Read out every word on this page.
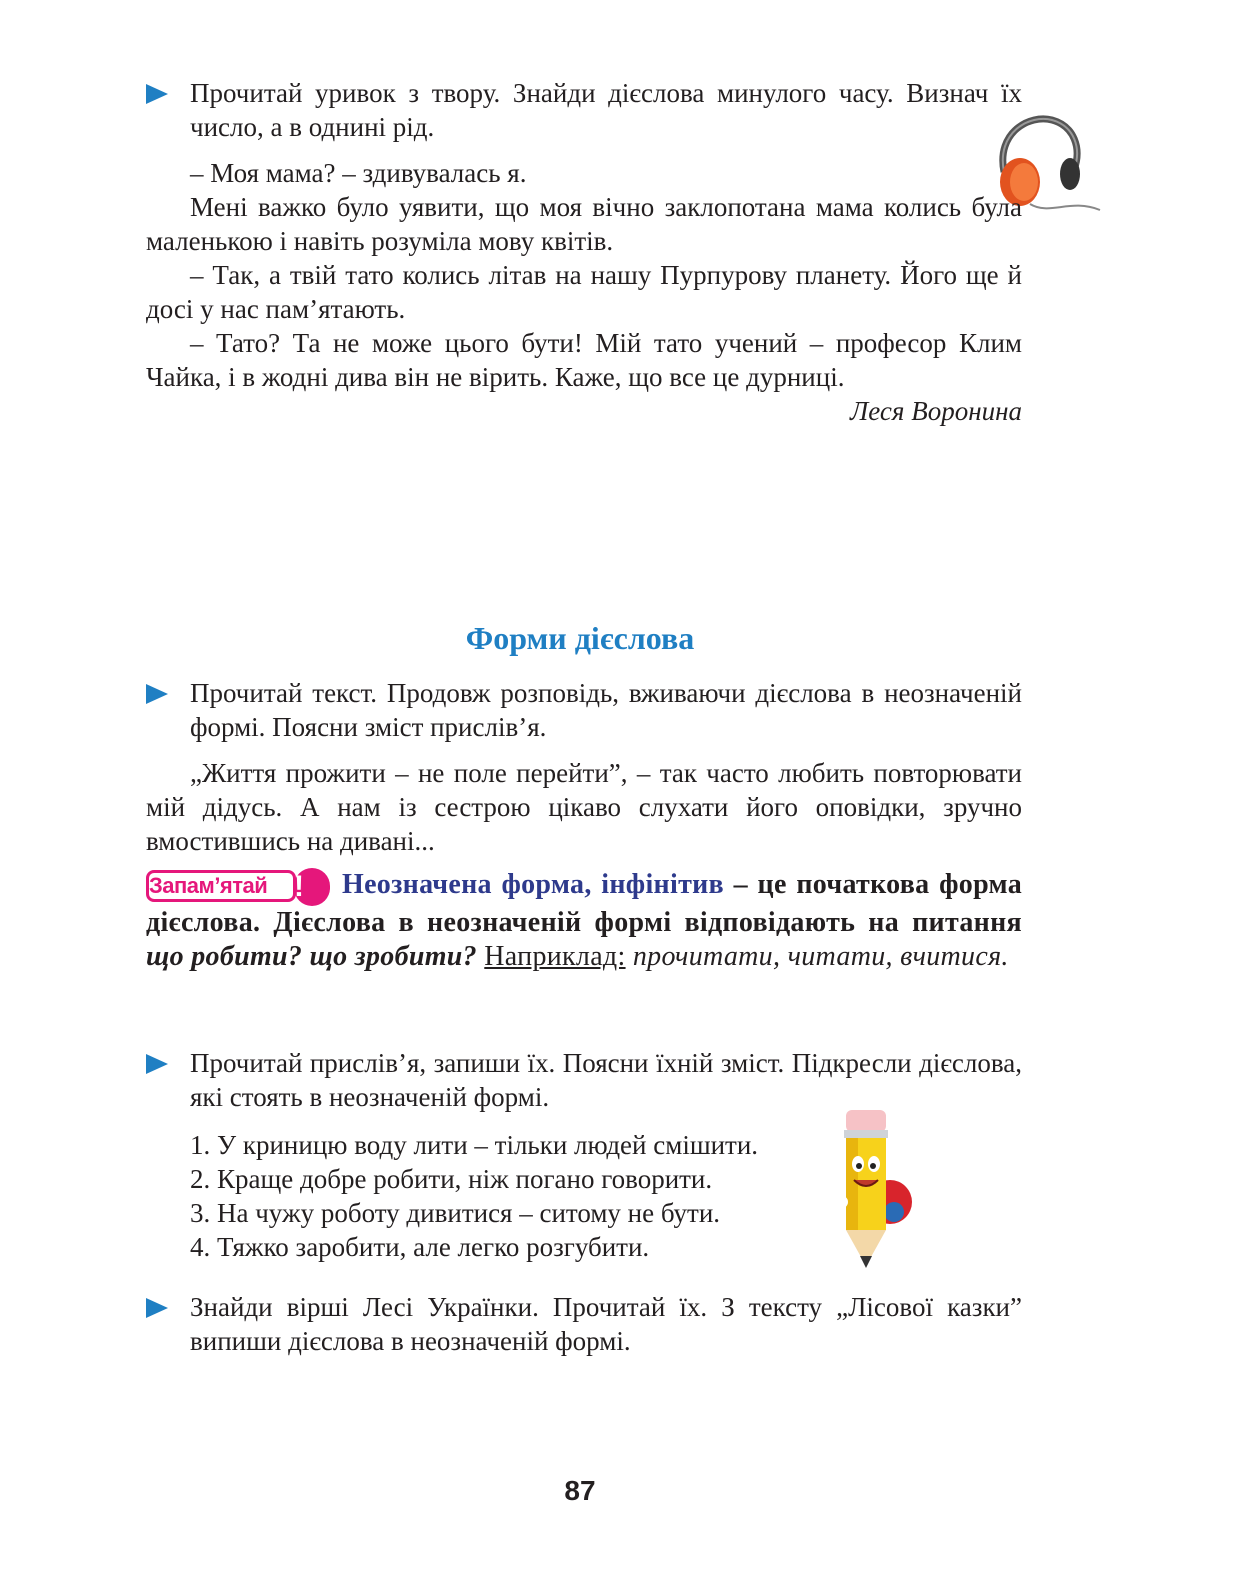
Прочитай уривок з твору. Знайди дієслова минулого часу. Визнач їх число, а в однині рід.

– Моя мама? – здивувалась я.

Мені важко було уявити, що моя вічно заклопотана мама колись була маленькою і навіть розуміла мову квітів.

– Так, а твій тато колись літав на нашу Пурпурову планету. Його ще й досі у нас пам’ятають.

– Тато? Та не може цього бути! Мій тато учений – професор Клим Чайка, і в жодні дива він не вірить. Каже, що все це дурниці.

Леся Воронина
Форми дієслова
Прочитай текст. Продовж розповідь, вживаючи дієслова в неозначеній формі. Поясни зміст прислів’я.

„Життя прожити – не поле перейти”, – так часто любить повторювати мій дідусь. А нам із сестрою цікаво слухати його оповідки, зручно вмостившись на дивані...

Запам’ятай !	Неозначена форма, інфінітив – це початкова форма дієслова. Дієслова в неозначеній формі відповідають на питання що робити? що зробити? Наприклад: прочитати, читати, вчитися.
Прочитай прислів’я, запиши їх. Поясни їхній зміст. Підкресли дієслова, які стоять в неозначеній формі.
1. У криницю воду лити – тільки людей смішити.
2. Краще добре робити, ніж погано говорити.
3. На чужу роботу дивитися – ситому не бути.
4. Тяжко заробити, але легко розгубити.
Знайди вірші Лесі Українки. Прочитай їх. З тексту „Лісової казки” випиши дієслова в неозначеній формі.
87
